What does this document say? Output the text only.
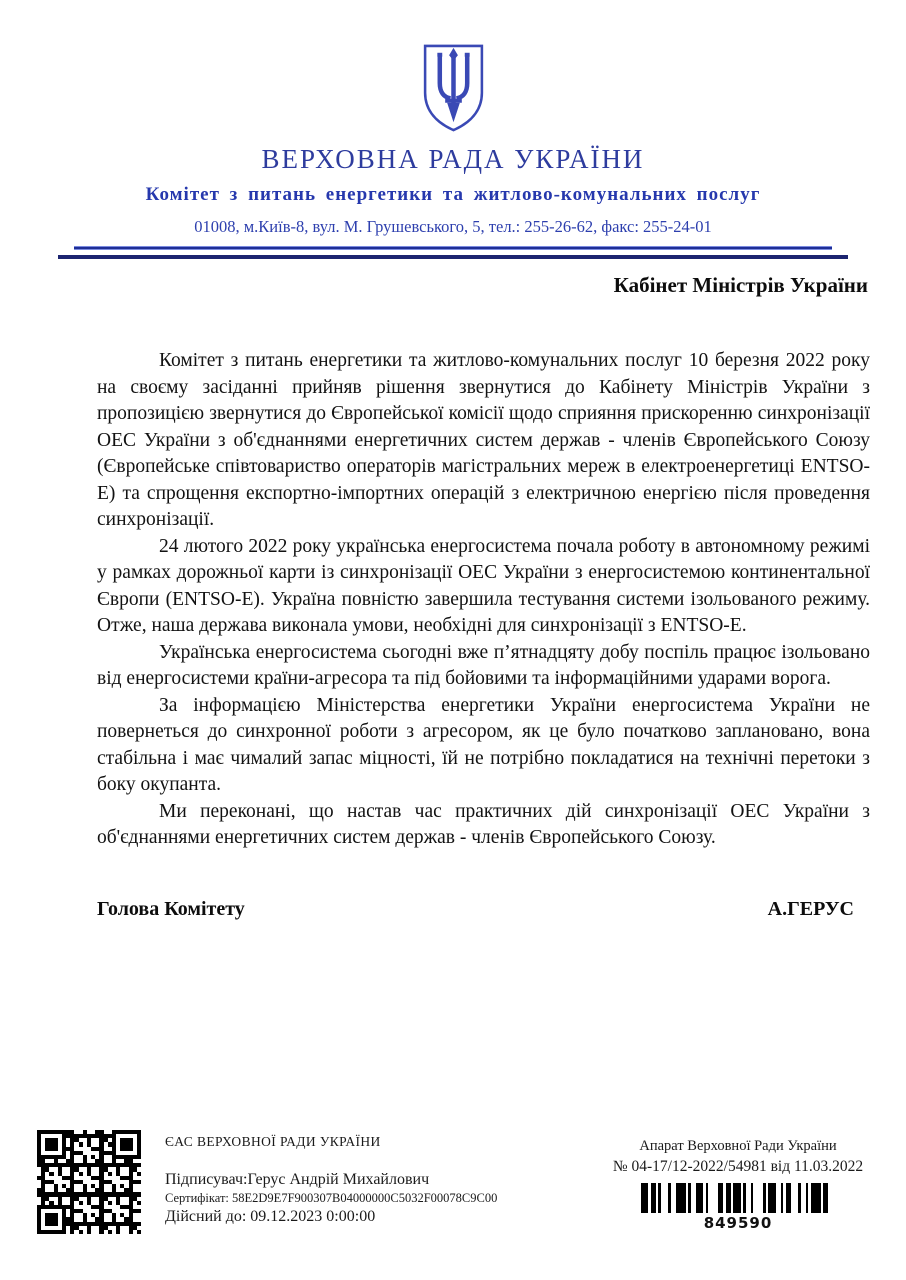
ВЕРХОВНА РАДА УКРАЇНИ
Комітет з питань енергетики та житлово-комунальних послуг
01008, м.Київ-8, вул. М. Грушевського, 5, тел.: 255-26-62, факс: 255-24-01
Кабінет Міністрів України

Комітет з питань енергетики та житлово-комунальних послуг 10 березня 2022 року на своєму засіданні прийняв рішення звернутися до Кабінету Міністрів України з пропозицією звернутися до Європейської комісії щодо сприяння прискоренню синхронізації ОЕС України з об'єднаннями енергетичних систем держав - членів Європейського Союзу (Європейське співтовариство операторів магістральних мереж в електроенергетиці ENTSO-E) та спрощення експортно-імпортних операцій з електричною енергією після проведення синхронізації.

24 лютого 2022 року українська енергосистема почала роботу в автономному режимі у рамках дорожньої карти із синхронізації ОЕС України з енергосистемою континентальної Європи (ENTSO-E). Україна повністю завершила тестування системи ізольованого режиму. Отже, наша держава виконала умови, необхідні для синхронізації з ENTSO-E.

Українська енергосистема сьогодні вже п’ятнадцяту добу поспіль працює ізольовано від енергосистеми країни-агресора та під бойовими та інформаційними ударами ворога.

За інформацією Міністерства енергетики України енергосистема України не повернеться до синхронної роботи з агресором, як це було початково заплановано, вона стабільна і має чималий запас міцності, їй не потрібно покладатися на технічні перетоки з боку окупанта.

Ми переконані, що настав час практичних дій синхронізації ОЕС України з об'єднаннями енергетичних систем держав - членів Європейського Союзу.

Голова Комітету	А.ГЕРУС
ЄАС ВЕРХОВНОЇ РАДИ УКРАЇНИ
Підписувач:Герус Андрій Михайлович
Сертифікат: 58E2D9E7F900307B04000000C5032F00078C9C00
Дійсний до: 09.12.2023 0:00:00
Апарат Верховної Ради України
№ 04-17/12-2022/54981 від 11.03.2022
849590
